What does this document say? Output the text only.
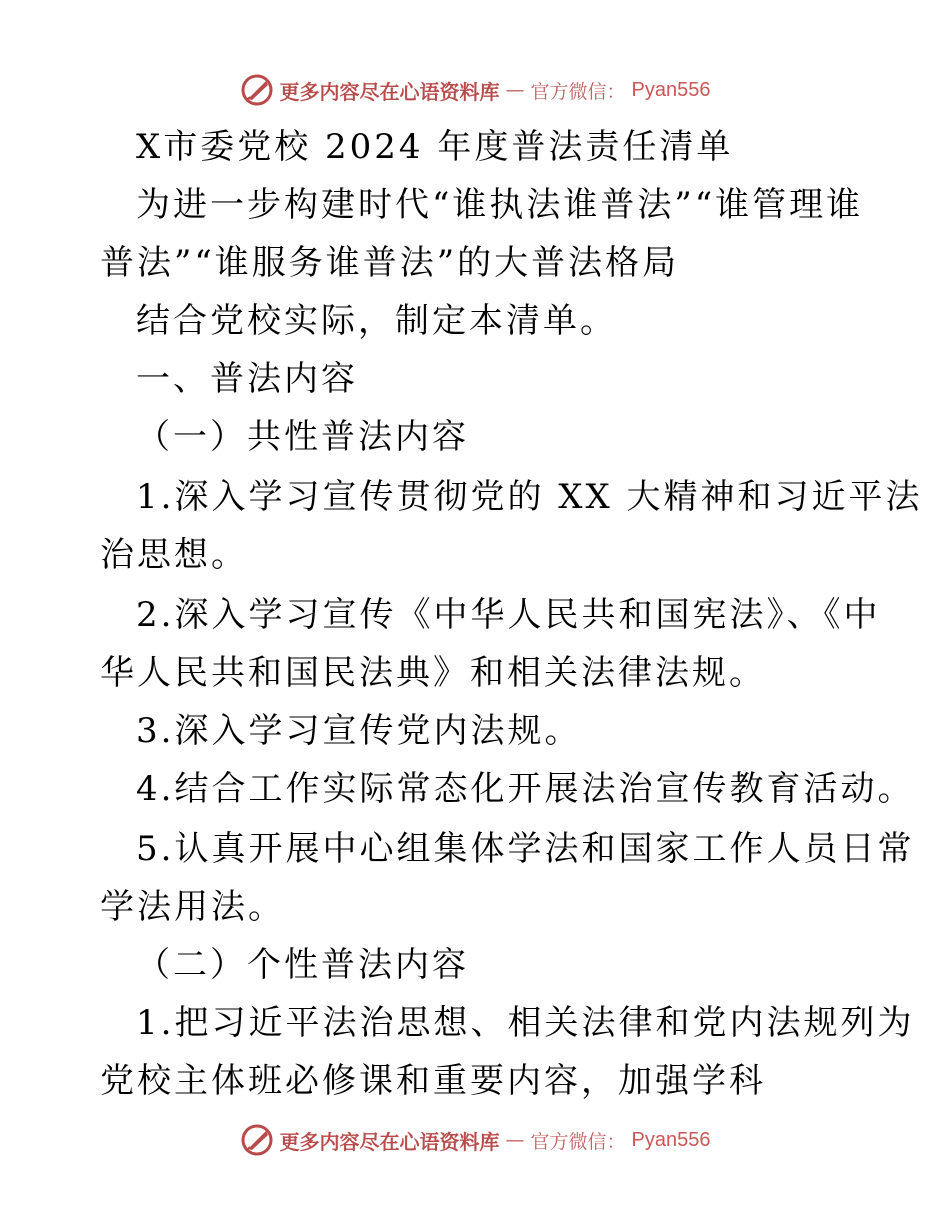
更多内容尽在心语资料库 — 官方微信： Pyan556
X市委党校 2024 年度普法责任清单
为进一步构建时代“谁执法谁普法”“谁管理谁
普法”“谁服务谁普法”的大普法格局
结合党校实际，制定本清单。
一、普法内容
（一）共性普法内容
1.深入学习宣传贯彻党的 XX 大精神和习近平法
治思想。
2.深入学习宣传《中华人民共和国宪法》、《中
华人民共和国民法典》和相关法律法规。
3.深入学习宣传党内法规。
4.结合工作实际常态化开展法治宣传教育活动。
5.认真开展中心组集体学法和国家工作人员日常
学法用法。
（二）个性普法内容
1.把习近平法治思想、相关法律和党内法规列为
党校主体班必修课和重要内容，加强学科
更多内容尽在心语资料库 — 官方微信： Pyan556
